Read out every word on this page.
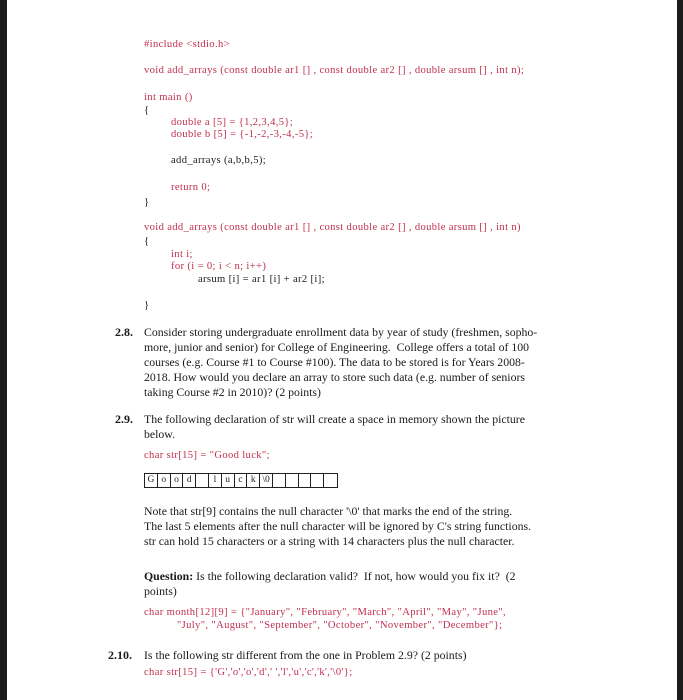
#include <stdio.h>
void add_arrays (const double ar1 [] , const double ar2 [] , double arsum [] , int n);
int main ()
{
double a [5] = {1,2,3,4,5};
double b [5] = {-1,-2,-3,-4,-5};
add_arrays (a,b,b,5);
return 0;
}
void add_arrays (const double ar1 [] , const double ar2 [] , double arsum [] , int n)
{
int i;
for (i = 0; i < n; i++)
arsum [i] = ar1 [i] + ar2 [i];
}
2.8. Consider storing undergraduate enrollment data by year of study (freshmen, sopho-
more, junior and senior) for College of Engineering.  College offers a total of 100
courses (e.g. Course #1 to Course #100). The data to be stored is for Years 2008-
2018. How would you declare an array to store such data (e.g. number of seniors
taking Course #2 in 2010)? (2 points)
2.9. The following declaration of str will create a space in memory shown the picture
below.
char str[15] = "Good luck";
G o o d	l u c k \0
Note that str[9] contains the null character '\0' that marks the end of the string.
The last 5 elements after the null character will be ignored by C's string functions.
str can hold 15 characters or a string with 14 characters plus the null character.
Question: Is the following declaration valid?  If not, how would you fix it?  (2
points)
char month[12][9] = {"January", "February", "March", "April", "May", "June",
"July", "August", "September", "October", "November", "December"};
2.10. Is the following str different from the one in Problem 2.9? (2 points)
char str[15] = {'G','o','o','d',' ','l','u','c','k','\0'};
